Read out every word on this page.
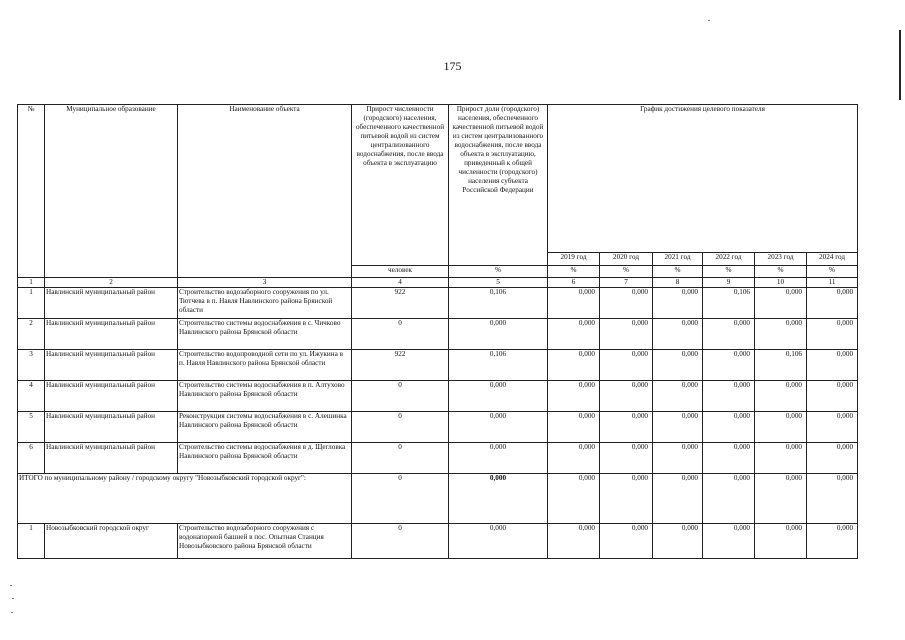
175
№	Муниципальное образование	Наименование объекта	Прирост численности (городского) населения, обеспеченного качественной питьевой водой из систем централизованного водоснабжения, после ввода объекта в эксплуатацию	Прирост доли (городского) населения, обеспеченного качественной питьевой водой из систем централизованного водоснабжения, после ввода объекта в эксплуатацию, приведенный к общей численности (городского) населения субъекта Российской Федерации	График достижения целевого показателя					
					2019 год	2020 год	2021 год	2022 год	2023 год	2024 год
			человек	%	%	%	%	%	%	%
1	2	3	4	5	6	7	8	9	10	11
1	Навлинский муниципальный район	Строительство водозаборного сооружения по ул. Тютчева в п. Навля Навлинского района Брянской области	922	0,106	0,000	0,000	0,000	0,106	0,000	0,000
2	Навлинский муниципальный район	Строительство системы водоснабжения в с. Чичково Навлинского района Брянской области	0	0,000	0,000	0,000	0,000	0,000	0,000	0,000
3	Навлинский муниципальный район	Строительство водопроводной сети по ул. Ижукина в п. Навля Навлинского района Брянской области	922	0,106	0,000	0,000	0,000	0,000	0,106	0,000
4	Навлинский муниципальный район	Строительство системы водоснабжения в п. Алтухово Навлинского района Брянской области	0	0,000	0,000	0,000	0,000	0,000	0,000	0,000
5	Навлинский муниципальный район	Реконструкция системы водоснабжения в с. Алешинка Навлинского района Брянской области	0	0,000	0,000	0,000	0,000	0,000	0,000	0,000
6	Навлинский муниципальный район	Строительство системы водоснабжения в д. Щегловка Навлинского района Брянской области	0	0,000	0,000	0,000	0,000	0,000	0,000	0,000
ИТОГО по муниципальному району / городскому округу "Новозыбковский городской округ":			0	0,000	0,000	0,000	0,000	0,000	0,000	0,000
1	Новозыбковский городской округ	Строительство водозаборного сооружения с водонапорной башней в пос. Опытная Станция Новозыбковского района Брянской области	0	0,000	0,000	0,000	0,000	0,000	0,000	0,000
